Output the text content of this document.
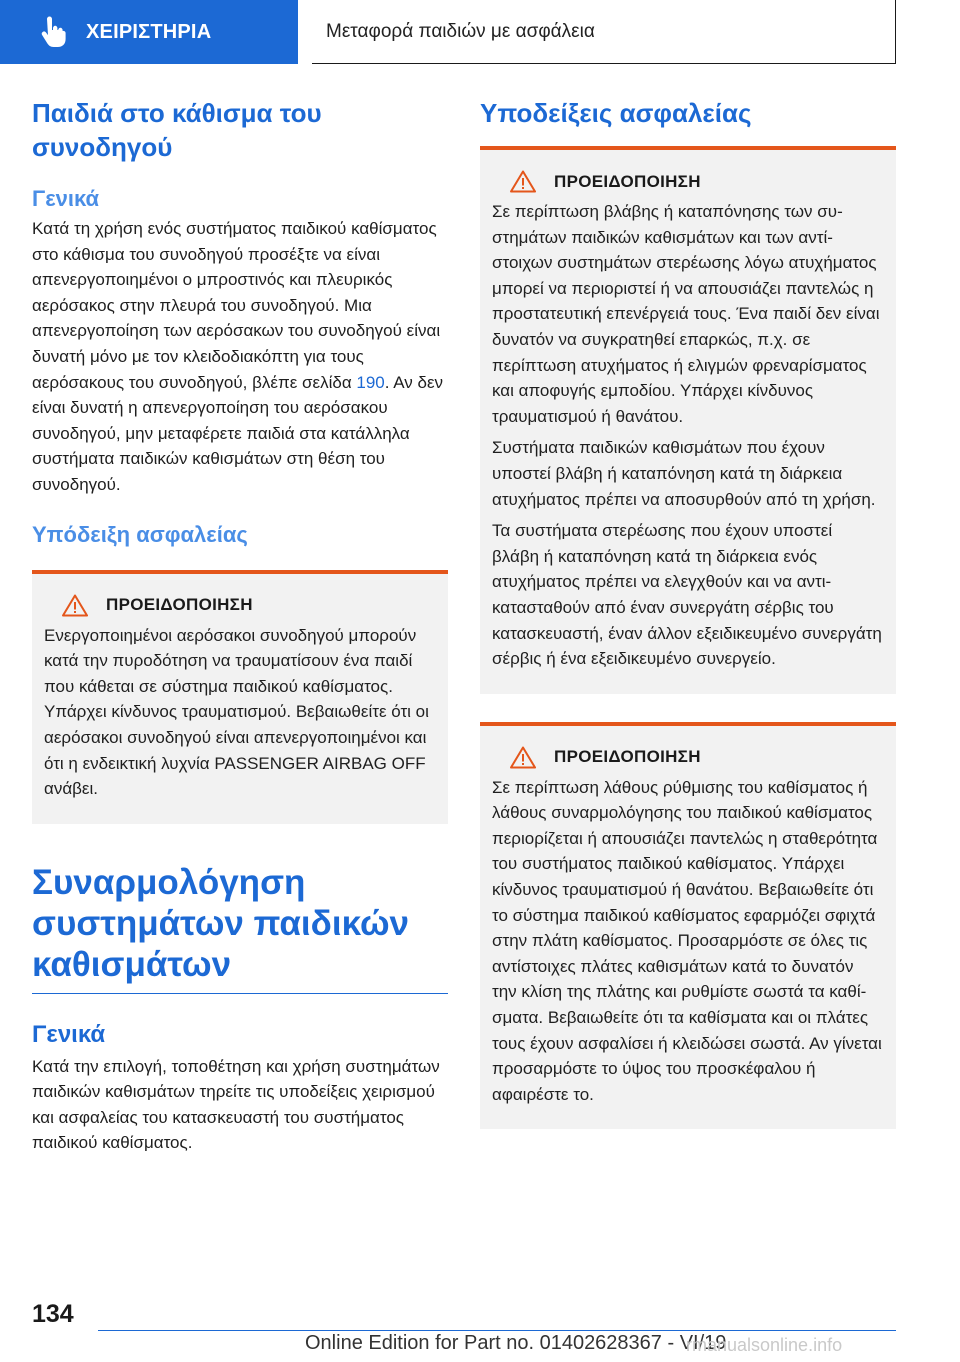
ΧΕΙΡΙΣΤΗΡΙΑ	Μεταφορά παιδιών με ασφάλεια
Παιδιά στο κάθισμα του συνοδηγού
Γενικά

Κατά τη χρήση ενός συστήματος παιδικού καθίσματος στο κάθισμα του συνοδηγού προσέξτε να είναι απενεργοποιημένοι ο μπροστινός και πλευρικός αερόσακος στην πλευρά του συνοδηγού. Μια απενεργοποίηση των αερόσακων του συνοδηγού είναι δυνατή μόνο με τον κλειδοδιακόπτη για τους αερόσακους του συνοδηγού, βλέπε σελίδα 190. Αν δεν είναι δυνατή η απενεργοποίηση του αερόσακου συνοδηγού, μην μεταφέρετε παιδιά στα κατάλληλα συστήματα παιδικών καθισμάτων στη θέση του συνοδηγού.

Υπόδειξη ασφαλείας
ΠΡΟΕΙΔΟΠΟΙΗΣΗ

Ενεργοποιημένοι αερόσακοι συνοδηγού μπορούν κατά την πυροδότηση να τραυματίσουν ένα παιδί που κάθεται σε σύστημα παιδικού καθίσματος. Υπάρχει κίνδυνος τραυματισμού. Βεβαιωθείτε ότι οι αερόσακοι συνοδηγού είναι απενεργοποιημένοι και ότι η ενδεικτική λυχνία PASSENGER AIRBAG OFF ανάβει.

Συναρμολόγηση συστημάτων παιδικών καθισμάτων
Γενικά

Κατά την επιλογή, τοποθέτηση και χρήση συστημάτων παιδικών καθισμάτων τηρείτε τις υποδείξεις χειρισμού και ασφαλείας του κατασκευαστή του συστήματος παιδικού καθίσματος.

Υποδείξεις ασφαλείας
ΠΡΟΕΙΔΟΠΟΙΗΣΗ

Σε περίπτωση βλάβης ή καταπόνησης των συστημάτων παιδικών καθισμάτων και των αντίστοιχων συστημάτων στερέωσης λόγω ατυχήματος μπορεί να περιοριστεί ή να απουσιάζει παντελώς η προστατευτική επενέργειά τους. Ένα παιδί δεν είναι δυνατόν να συγκρατηθεί επαρκώς, π.χ. σε περίπτωση ατυχήματος ή ελιγμών φρεναρίσματος και αποφυγής εμποδίου. Υπάρχει κίνδυνος τραυματισμού ή θανάτου.

Συστήματα παιδικών καθισμάτων που έχουν υποστεί βλάβη ή καταπόνηση κατά τη διάρκεια ατυχήματος πρέπει να αποσυρθούν από τη χρήση.

Τα συστήματα στερέωσης που έχουν υποστεί βλάβη ή καταπόνηση κατά τη διάρκεια ενός ατυχήματος πρέπει να ελεγχθούν και να αντικατασταθούν από έναν συνεργάτη σέρβις του κατασκευαστή, έναν άλλον εξειδικευμένο συνεργάτη σέρβις ή ένα εξειδικευμένο συνεργείο.

ΠΡΟΕΙΔΟΠΟΙΗΣΗ

Σε περίπτωση λάθους ρύθμισης του καθίσματος ή λάθους συναρμολόγησης του παιδικού καθίσματος περιορίζεται ή απουσιάζει παντελώς η σταθερότητα του συστήματος παιδικού καθίσματος. Υπάρχει κίνδυνος τραυματισμού ή θανάτου. Βεβαιωθείτε ότι το σύστημα παιδικού καθίσματος εφαρμόζει σφιχτά στην πλάτη καθίσματος. Προσαρμόστε σε όλες τις αντίστοιχες πλάτες καθισμάτων κατά το δυνατόν την κλίση της πλάτης και ρυθμίστε σωστά τα καθίσματα. Βεβαιωθείτε ότι τα καθίσματα και οι πλάτες τους έχουν ασφαλίσει ή κλειδώσει σωστά. Αν γίνεται προσαρμόστε το ύψος του προσκέφαλου ή αφαιρέστε το.

134
Online Edition for Part no. 01402628367 - VI/19
rmanualsonline.info
